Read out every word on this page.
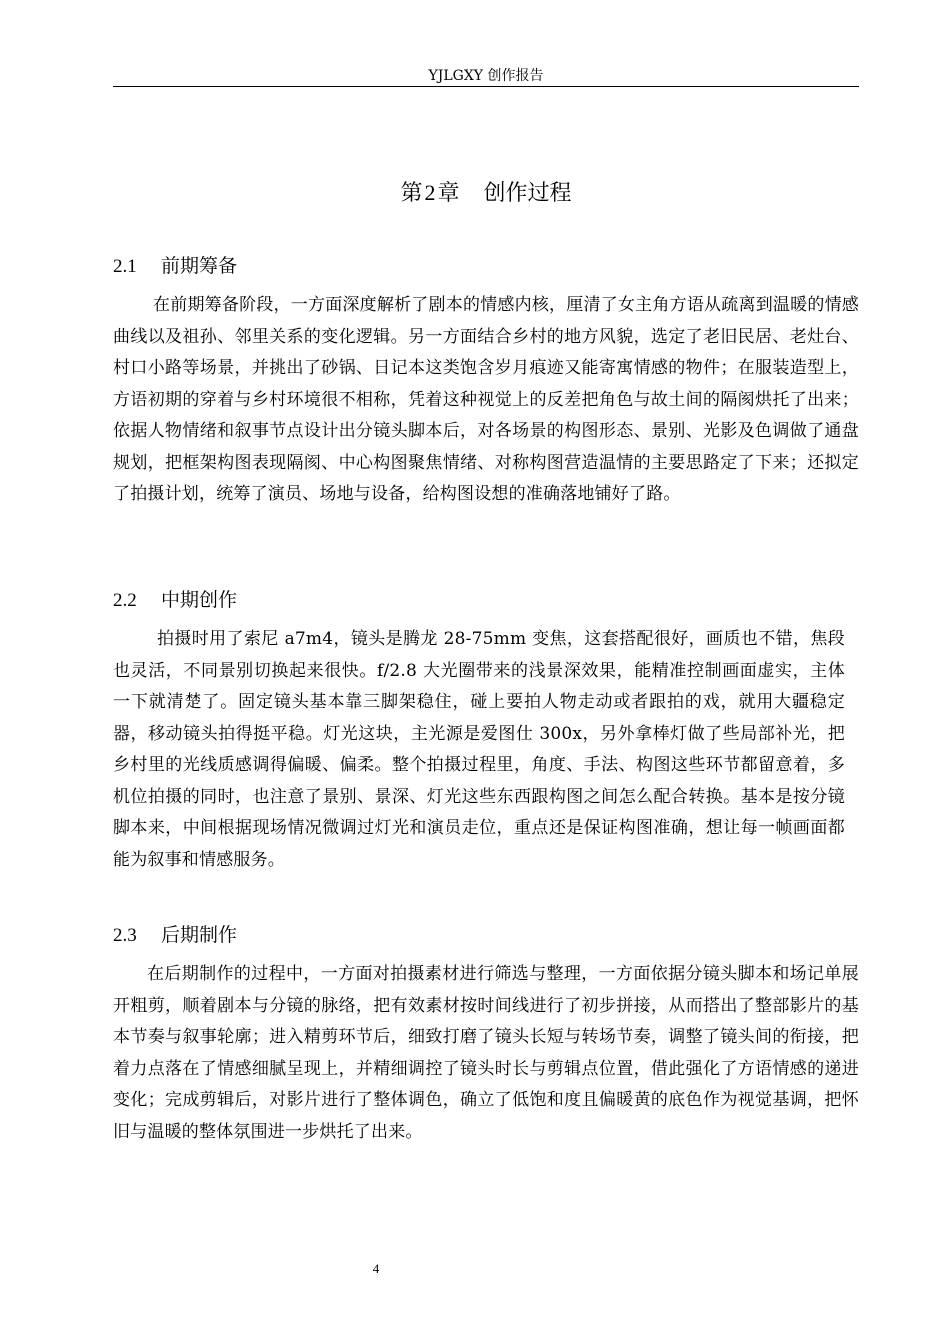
YJLGXY 创作报告
第2章 创作过程
2.1 前期筹备

在前期筹备阶段，一方面深度解析了剧本的情感内核，厘清了女主角方语从疏离到温暖的情感曲线以及祖孙、邻里关系的变化逻辑。另一方面结合乡村的地方风貌，选定了老旧民居、老灶台、村口小路等场景，并挑出了砂锅、日记本这类饱含岁月痕迹又能寄寓情感的物件；在服装造型上，方语初期的穿着与乡村环境很不相称，凭着这种视觉上的反差把角色与故土间的隔阂烘托了出来；依据人物情绪和叙事节点设计出分镜头脚本后，对各场景的构图形态、景别、光影及色调做了通盘规划，把框架构图表现隔阂、中心构图聚焦情绪、对称构图营造温情的主要思路定了下来；还拟定了拍摄计划，统筹了演员、场地与设备，给构图设想的准确落地铺好了路。

2.2 中期创作

拍摄时用了索尼 a7m4，镜头是腾龙 28-75mm 变焦，这套搭配很好，画质也不错，焦段也灵活，不同景别切换起来很快。f/2.8 大光圈带来的浅景深效果，能精准控制画面虚实，主体一下就清楚了。固定镜头基本靠三脚架稳住，碰上要拍人物走动或者跟拍的戏，就用大疆稳定器，移动镜头拍得挺平稳。灯光这块，主光源是爱图仕 300x，另外拿棒灯做了些局部补光，把乡村里的光线质感调得偏暖、偏柔。整个拍摄过程里，角度、手法、构图这些环节都留意着，多机位拍摄的同时，也注意了景别、景深、灯光这些东西跟构图之间怎么配合转换。基本是按分镜脚本来，中间根据现场情况微调过灯光和演员走位，重点还是保证构图准确，想让每一帧画面都能为叙事和情感服务。

2.3 后期制作

在后期制作的过程中，一方面对拍摄素材进行筛选与整理，一方面依据分镜头脚本和场记单展开粗剪，顺着剧本与分镜的脉络，把有效素材按时间线进行了初步拼接，从而搭出了整部影片的基本节奏与叙事轮廓；进入精剪环节后，细致打磨了镜头长短与转场节奏，调整了镜头间的衔接，把着力点落在了情感细腻呈现上，并精细调控了镜头时长与剪辑点位置，借此强化了方语情感的递进变化；完成剪辑后，对影片进行了整体调色，确立了低饱和度且偏暖黄的底色作为视觉基调，把怀旧与温暖的整体氛围进一步烘托了出来。

4
